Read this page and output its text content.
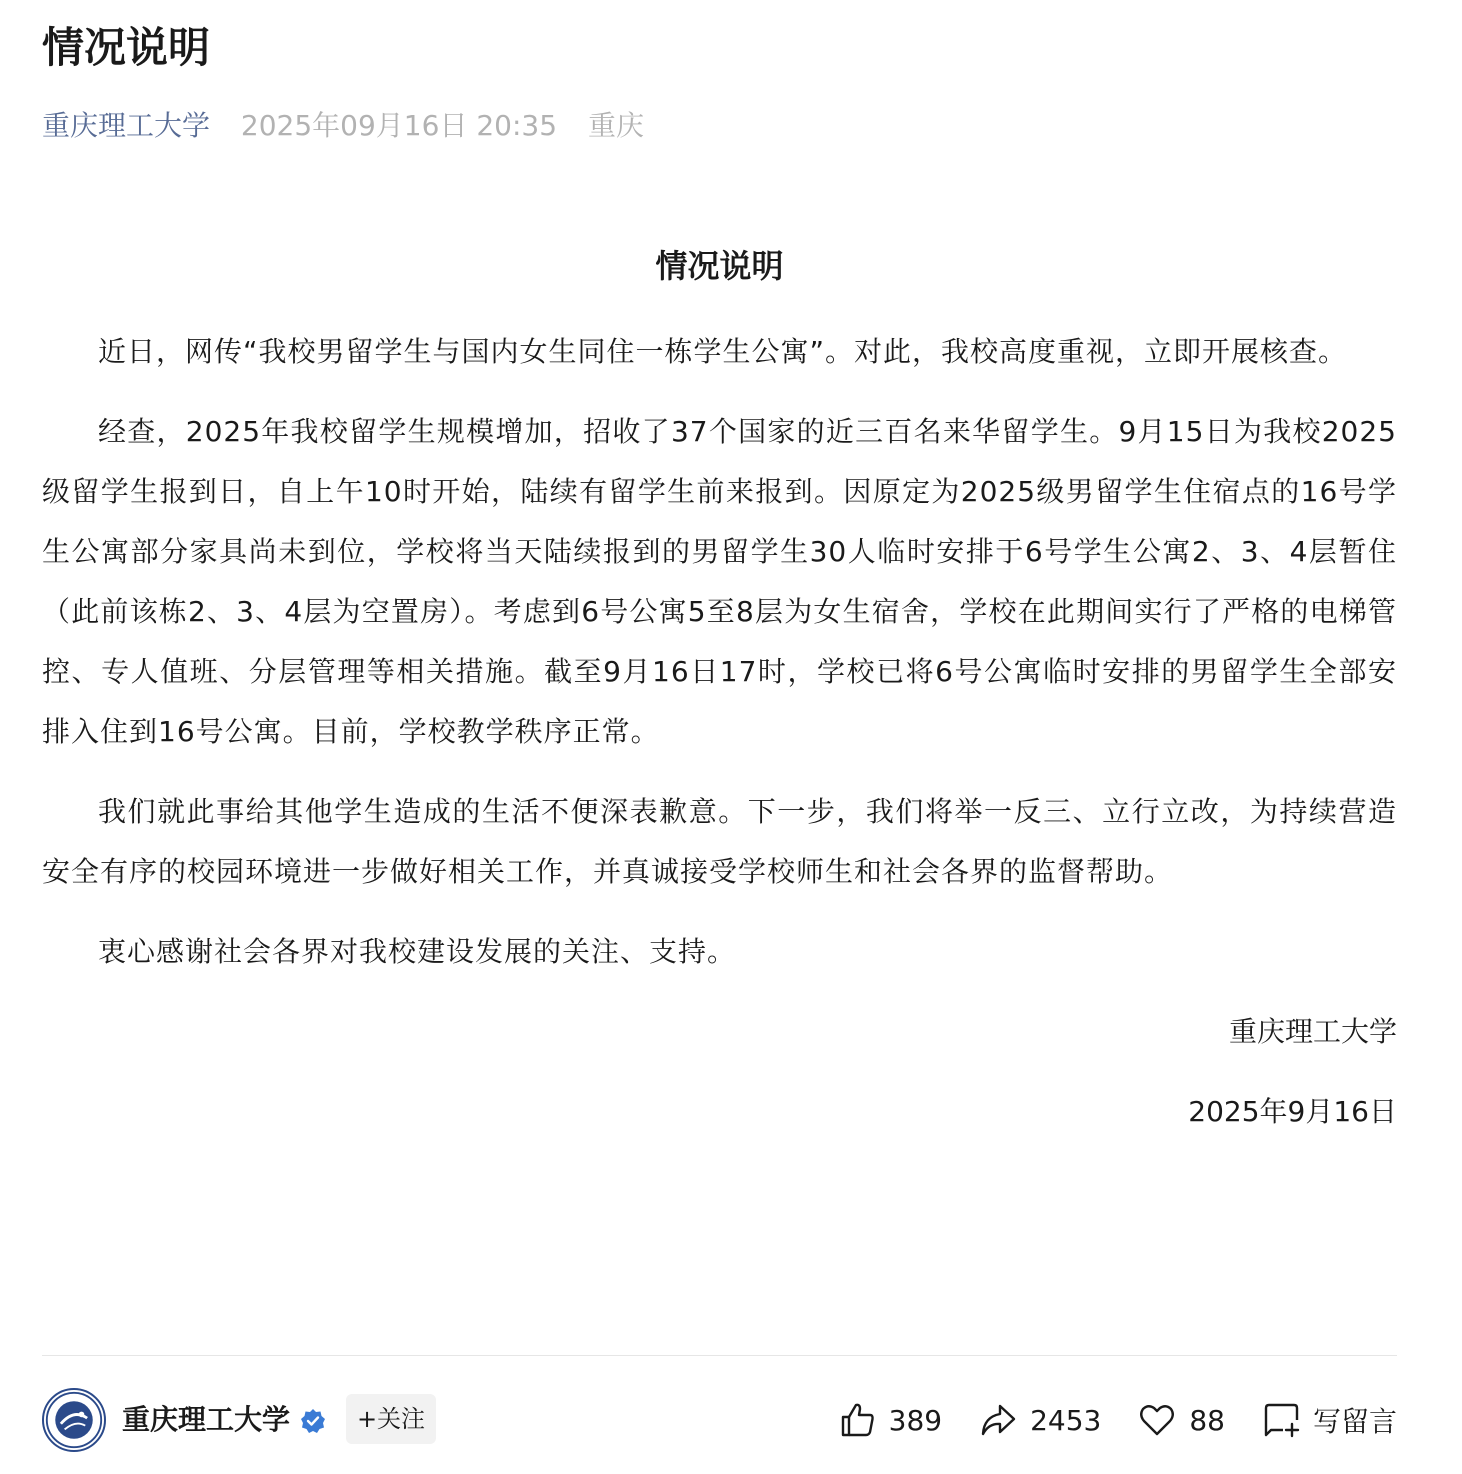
情况说明
重庆理工大学 2025年09月16日 20:35 重庆
情况说明

近日，网传“我校男留学生与国内女生同住一栋学生公寓”。对此，我校高度重视，立即开展核查。

经查，2025年我校留学生规模增加，招收了37个国家的近三百名来华留学生。9月15日为我校2025级留学生报到日，自上午10时开始，陆续有留学生前来报到。因原定为2025级男留学生住宿点的16号学生公寓部分家具尚未到位，学校将当天陆续报到的男留学生30人临时安排于6号学生公寓2、3、4层暂住（此前该栋2、3、4层为空置房）。考虑到6号公寓5至8层为女生宿舍，学校在此期间实行了严格的电梯管控、专人值班、分层管理等相关措施。截至9月16日17时，学校已将6号公寓临时安排的男留学生全部安排入住到16号公寓。目前，学校教学秩序正常。

我们就此事给其他学生造成的生活不便深表歉意。下一步，我们将举一反三、立行立改，为持续营造安全有序的校园环境进一步做好相关工作，并真诚接受学校师生和社会各界的监督帮助。

衷心感谢社会各界对我校建设发展的关注、支持。

重庆理工大学
2025年9月16日
重庆理工大学	+关注	389	2453	88	写留言
